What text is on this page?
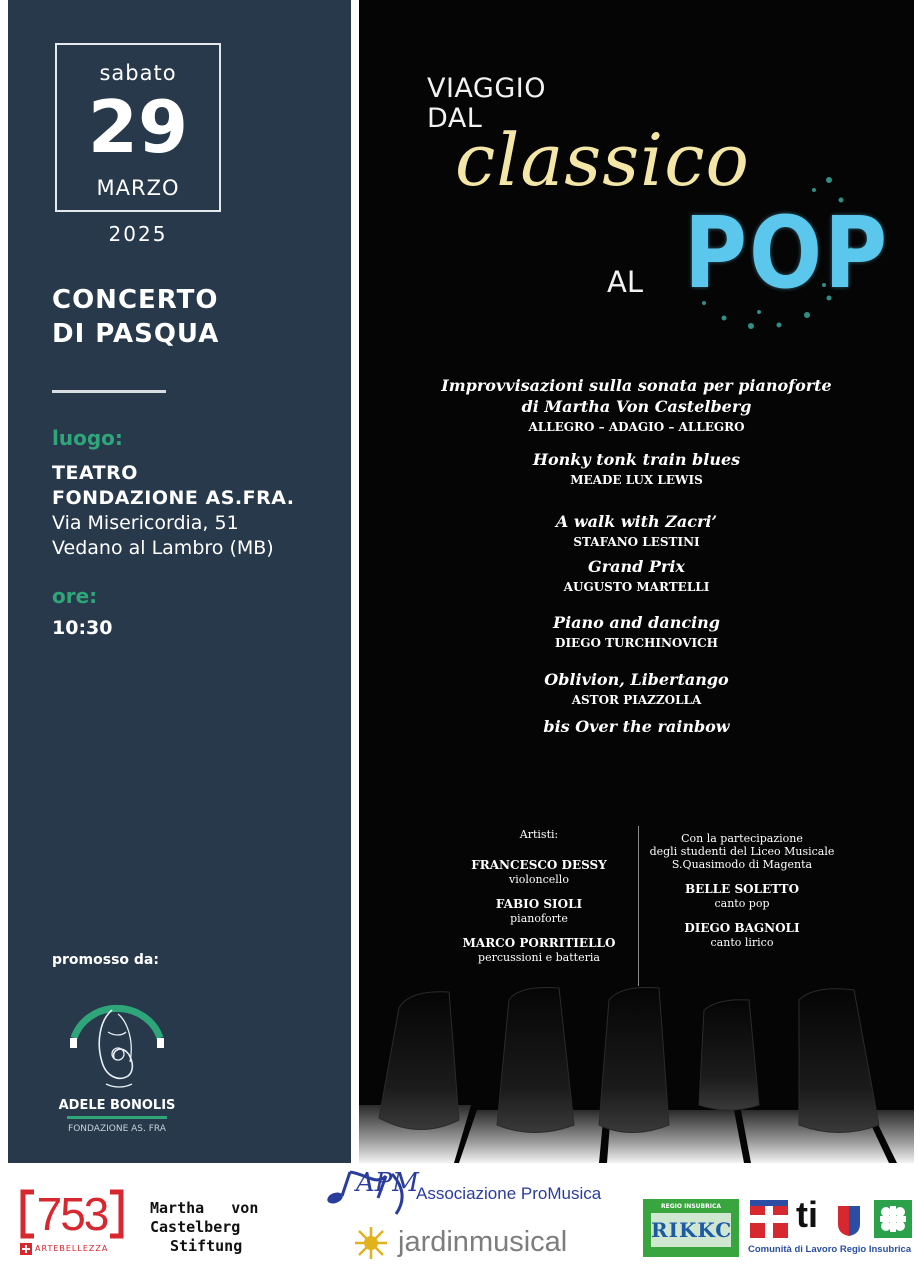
sabato
29
MARZO
2025
CONCERTO
DI PASQUA
luogo:
TEATRO
FONDAZIONE AS.FRA.
Via Misericordia, 51
Vedano al Lambro (MB)
ore:
10:30
promosso da:
ADELE BONOLIS
FONDAZIONE AS. FRA
VIAGGIO
DAL
classico
AL POP
Improvvisazioni sulla sonata per pianoforte
di Martha Von Castelberg
ALLEGRO – ADAGIO – ALLEGRO
Honky tonk train blues
MEADE LUX LEWIS
A walk with Zacri’
STAFANO LESTINI
Grand Prix
AUGUSTO MARTELLI
Piano and dancing
DIEGO TURCHINOVICH
Oblivion, Libertango
ASTOR PIAZZOLLA
bis Over the rainbow
Artisti:
FRANCESCO DESSY
violoncello
FABIO SIOLI
pianoforte
MARCO PORRITIELLO
percussioni e batteria
Con la partecipazione
degli studenti del Liceo Musicale
S.Quasimodo di Magenta
BELLE SOLETTO
canto pop
DIEGO BAGNOLI
canto lirico
753
ARTEBELLEZZA
Martha   von
Castelberg
Stiftung
APM
Associazione ProMusica
jardinmusical
REGIO INSUBRICA
RIKKC ti
Comunità di Lavoro Regio Insubrica
